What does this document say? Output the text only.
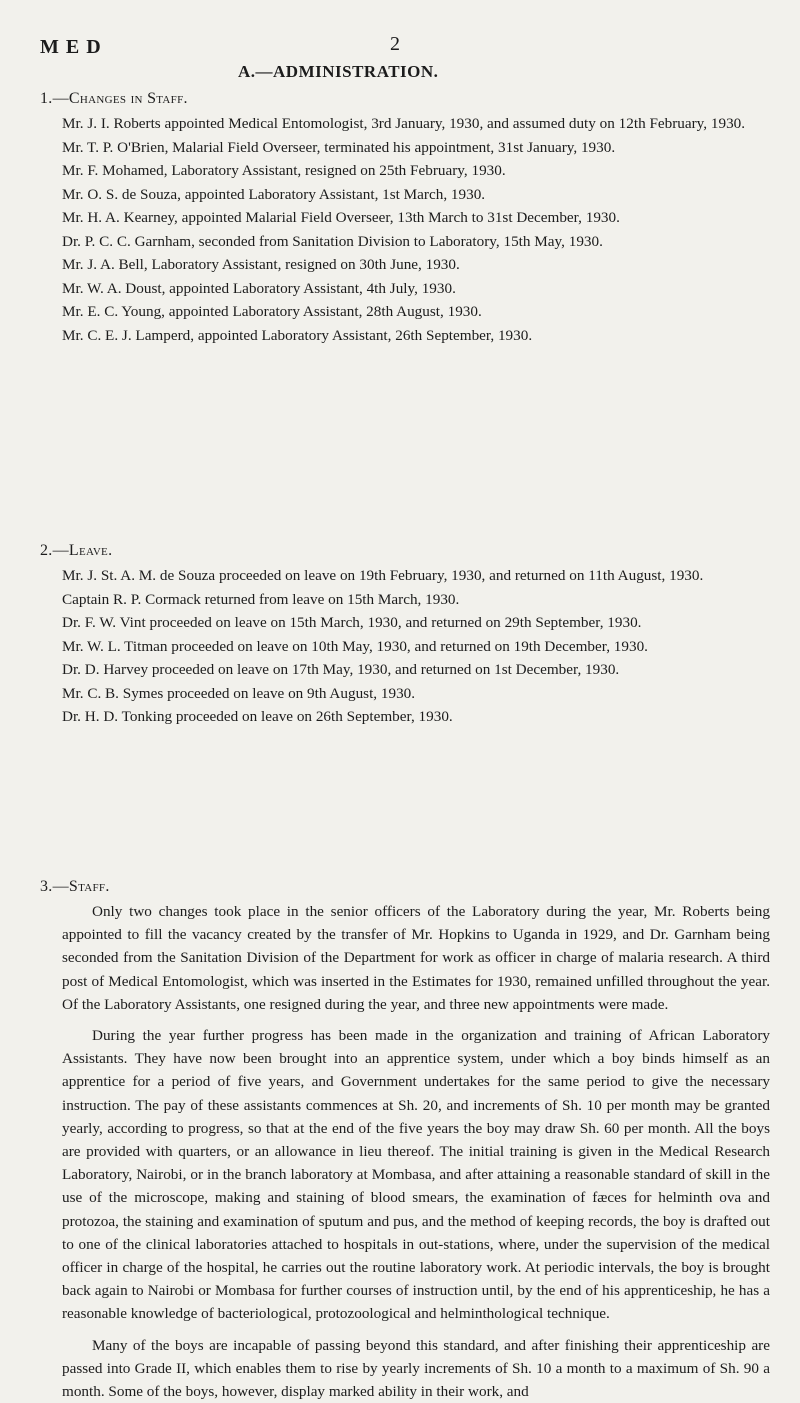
M E D	2
A.—ADMINISTRATION.

1.—Changes in Staff.

Mr. J. I. Roberts appointed Medical Entomologist, 3rd January, 1930, and assumed duty on 12th February, 1930.

Mr. T. P. O'Brien, Malarial Field Overseer, terminated his appointment, 31st January, 1930.

Mr. F. Mohamed, Laboratory Assistant, resigned on 25th February, 1930.

Mr. O. S. de Souza, appointed Laboratory Assistant, 1st March, 1930.

Mr. H. A. Kearney, appointed Malarial Field Overseer, 13th March to 31st December, 1930.

Dr. P. C. C. Garnham, seconded from Sanitation Division to Laboratory, 15th May, 1930.

Mr. J. A. Bell, Laboratory Assistant, resigned on 30th June, 1930.

Mr. W. A. Doust, appointed Laboratory Assistant, 4th July, 1930.

Mr. E. C. Young, appointed Laboratory Assistant, 28th August, 1930.

Mr. C. E. J. Lamperd, appointed Laboratory Assistant, 26th September, 1930.

2.—Leave.

Mr. J. St. A. M. de Souza proceeded on leave on 19th February, 1930, and returned on 11th August, 1930.

Captain R. P. Cormack returned from leave on 15th March, 1930.

Dr. F. W. Vint proceeded on leave on 15th March, 1930, and returned on 29th September, 1930.

Mr. W. L. Titman proceeded on leave on 10th May, 1930, and returned on 19th December, 1930.

Dr. D. Harvey proceeded on leave on 17th May, 1930, and returned on 1st December, 1930.

Mr. C. B. Symes proceeded on leave on 9th August, 1930.

Dr. H. D. Tonking proceeded on leave on 26th September, 1930.

3.—Staff.

Only two changes took place in the senior officers of the Laboratory during the year, Mr. Roberts being appointed to fill the vacancy created by the transfer of Mr. Hopkins to Uganda in 1929, and Dr. Garnham being seconded from the Sanitation Division of the Department for work as officer in charge of malaria research. A third post of Medical Entomologist, which was inserted in the Estimates for 1930, remained unfilled throughout the year. Of the Laboratory Assistants, one resigned during the year, and three new appointments were made.

During the year further progress has been made in the organization and training of African Laboratory Assistants. They have now been brought into an apprentice system, under which a boy binds himself as an apprentice for a period of five years, and Government undertakes for the same period to give the necessary instruction. The pay of these assistants commences at Sh. 20, and increments of Sh. 10 per month may be granted yearly, according to progress, so that at the end of the five years the boy may draw Sh. 60 per month. All the boys are provided with quarters, or an allowance in lieu thereof. The initial training is given in the Medical Research Laboratory, Nairobi, or in the branch laboratory at Mombasa, and after attaining a reasonable standard of skill in the use of the microscope, making and staining of blood smears, the examination of fæces for helminth ova and protozoa, the staining and examination of sputum and pus, and the method of keeping records, the boy is drafted out to one of the clinical laboratories attached to hospitals in out-stations, where, under the supervision of the medical officer in charge of the hospital, he carries out the routine laboratory work. At periodic intervals, the boy is brought back again to Nairobi or Mombasa for further courses of instruction until, by the end of his apprenticeship, he has a reasonable knowledge of bacteriological, protozoological and helminthological technique.

Many of the boys are incapable of passing beyond this standard, and after finishing their apprenticeship are passed into Grade II, which enables them to rise by yearly increments of Sh. 10 a month to a maximum of Sh. 90 a month. Some of the boys, however, display marked ability in their work, and
